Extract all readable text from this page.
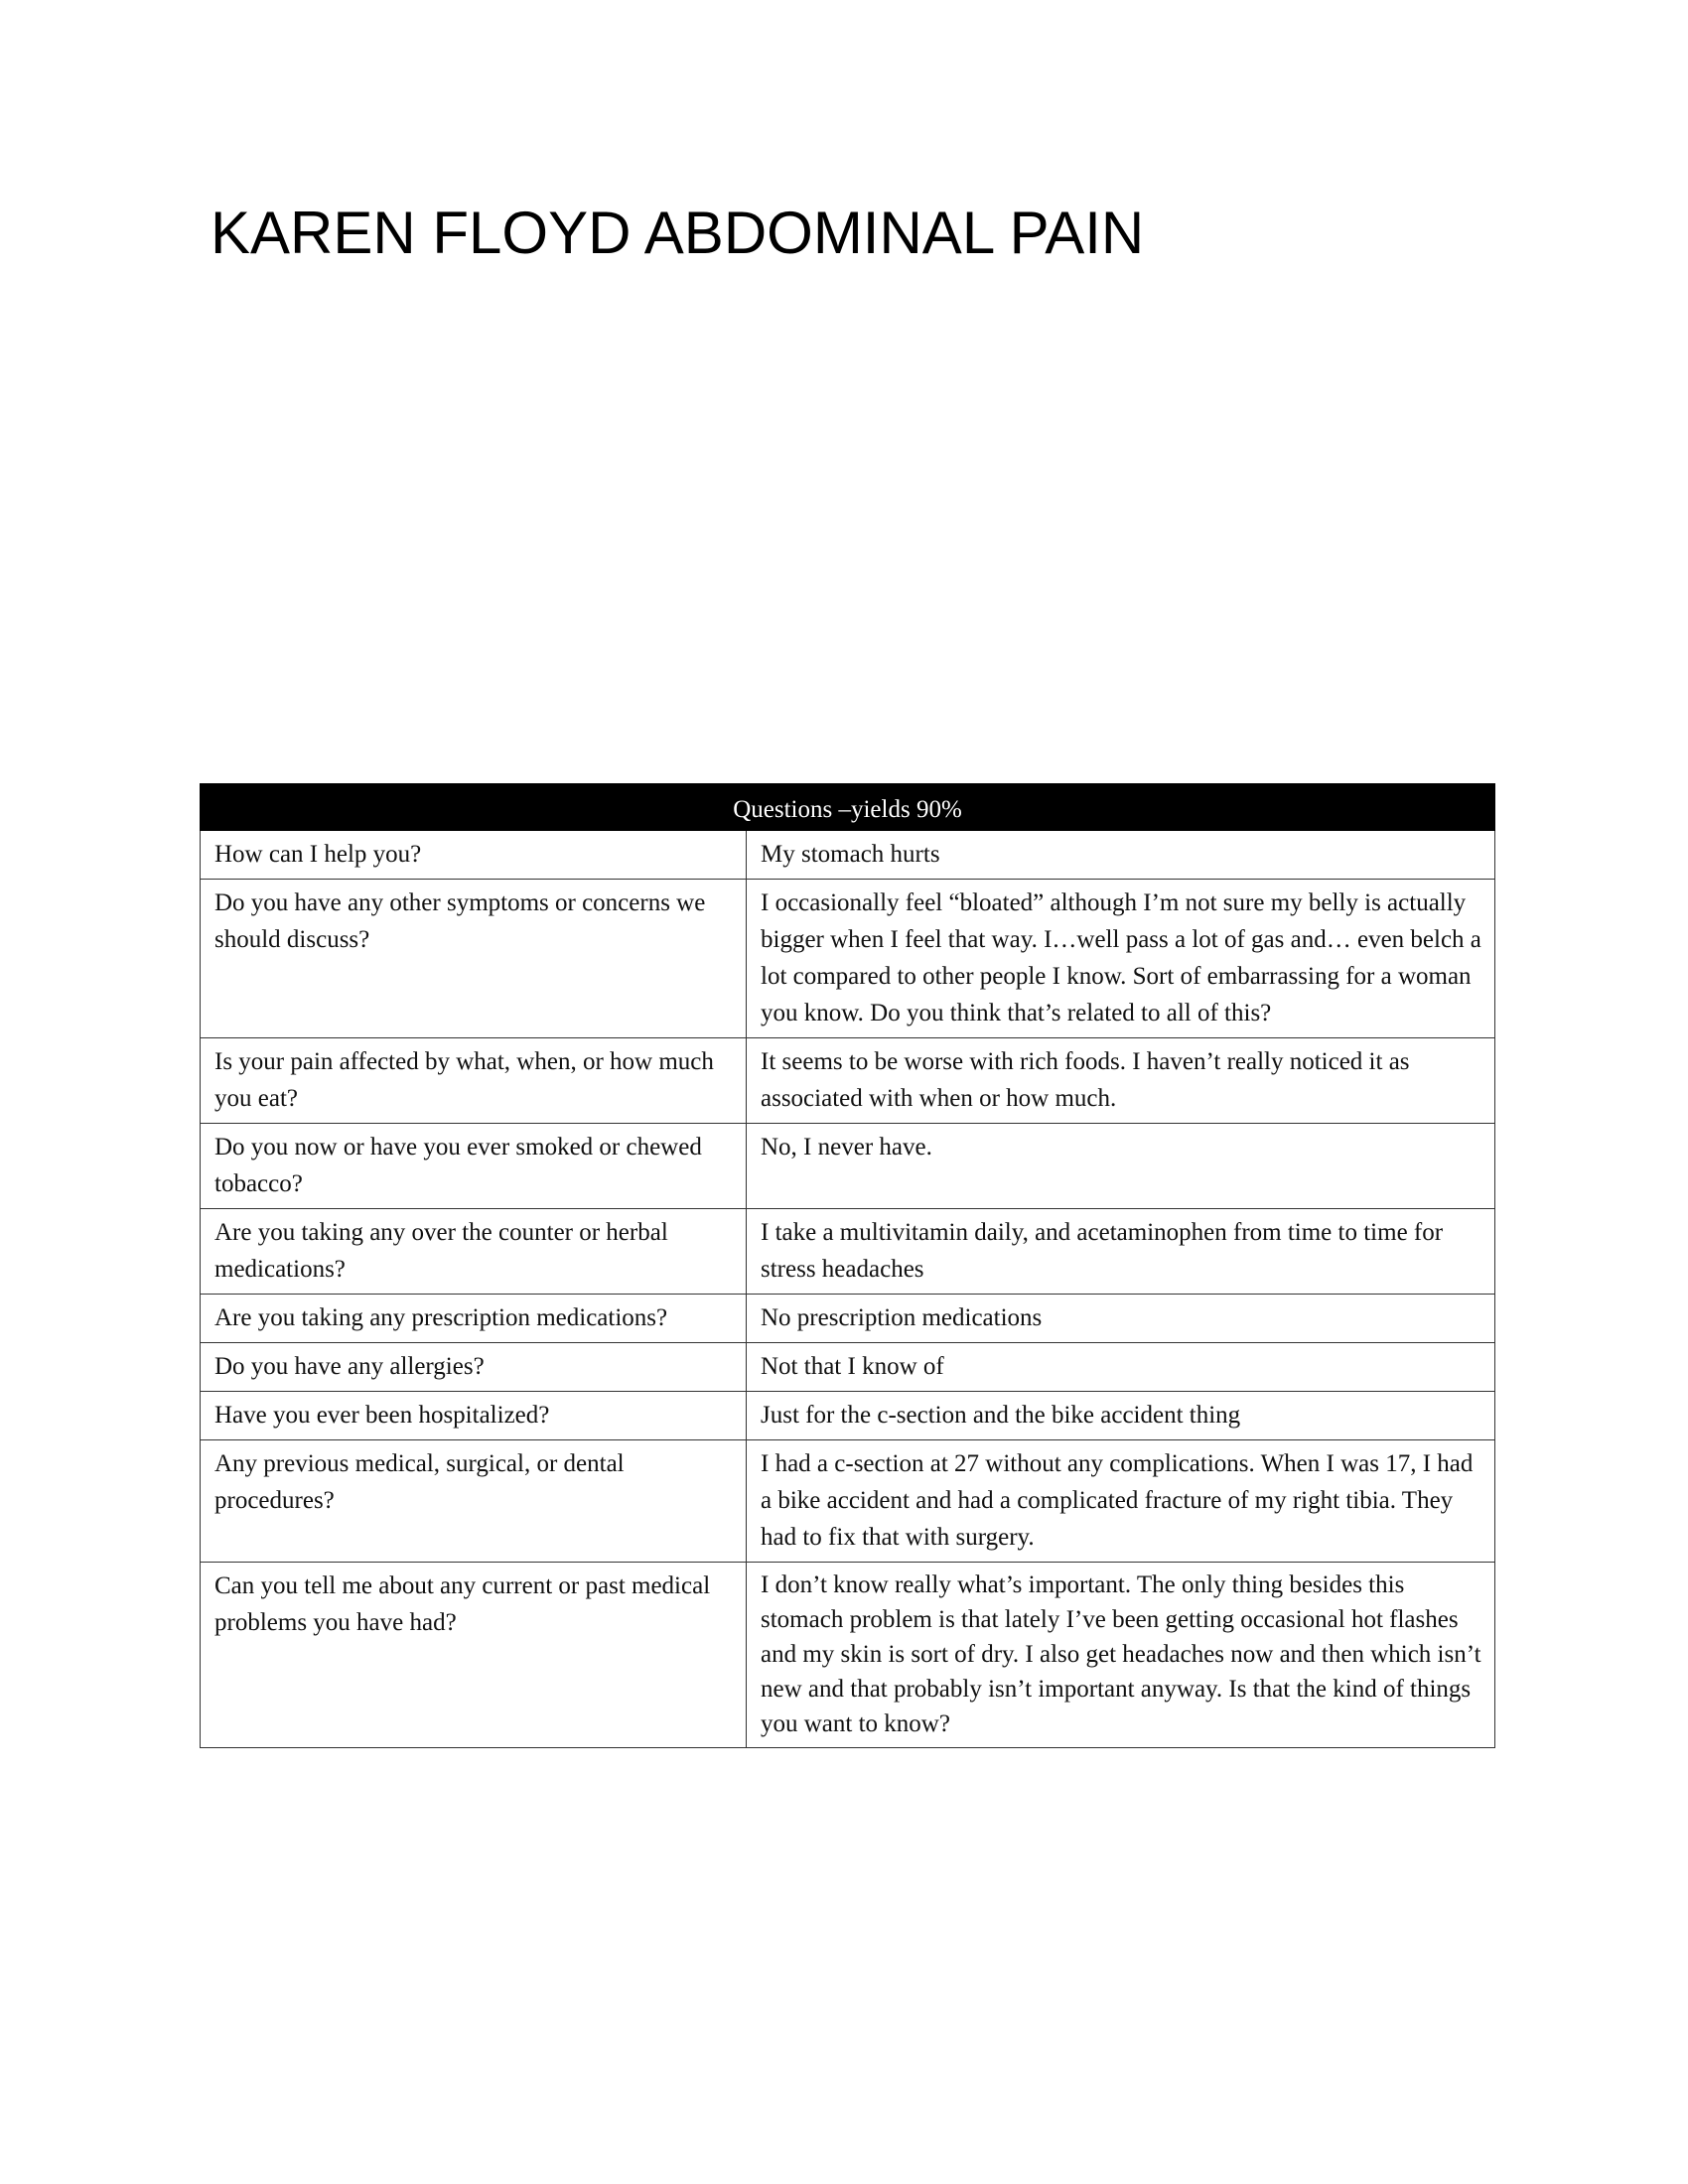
KAREN FLOYD ABDOMINAL PAIN
Questions –yields 90%	
How can I help you?	My stomach hurts
Do you have any other symptoms or concerns we should discuss?	I occasionally feel “bloated” although I’m not sure my belly is actually bigger when I feel that way. I…well pass a lot of gas and… even belch a lot compared to other people I know. Sort of embarrassing for a woman you know. Do you think that’s related to all of this?
Is your pain affected by what, when, or how much you eat?	It seems to be worse with rich foods. I haven’t really noticed it as associated with when or how much.
Do you now or have you ever smoked or chewed tobacco?	No, I never have.
Are you taking any over the counter or herbal medications?	I take a multivitamin daily, and acetaminophen from time to time for stress headaches
Are you taking any prescription medications?	No prescription medications
Do you have any allergies?	Not that I know of
Have you ever been hospitalized?	Just for the c-section and the bike accident thing
Any previous medical, surgical, or dental procedures?	I had a c-section at 27 without any complications. When I was 17, I had a bike accident and had a complicated fracture of my right tibia. They had to fix that with surgery.
Can you tell me about any current or past medical problems you have had?	I don’t know really what’s important. The only thing besides this stomach problem is that lately I’ve been getting occasional hot flashes and my skin is sort of dry. I also get headaches now and then which isn’t new and that probably isn’t important anyway. Is that the kind of things you want to know?
